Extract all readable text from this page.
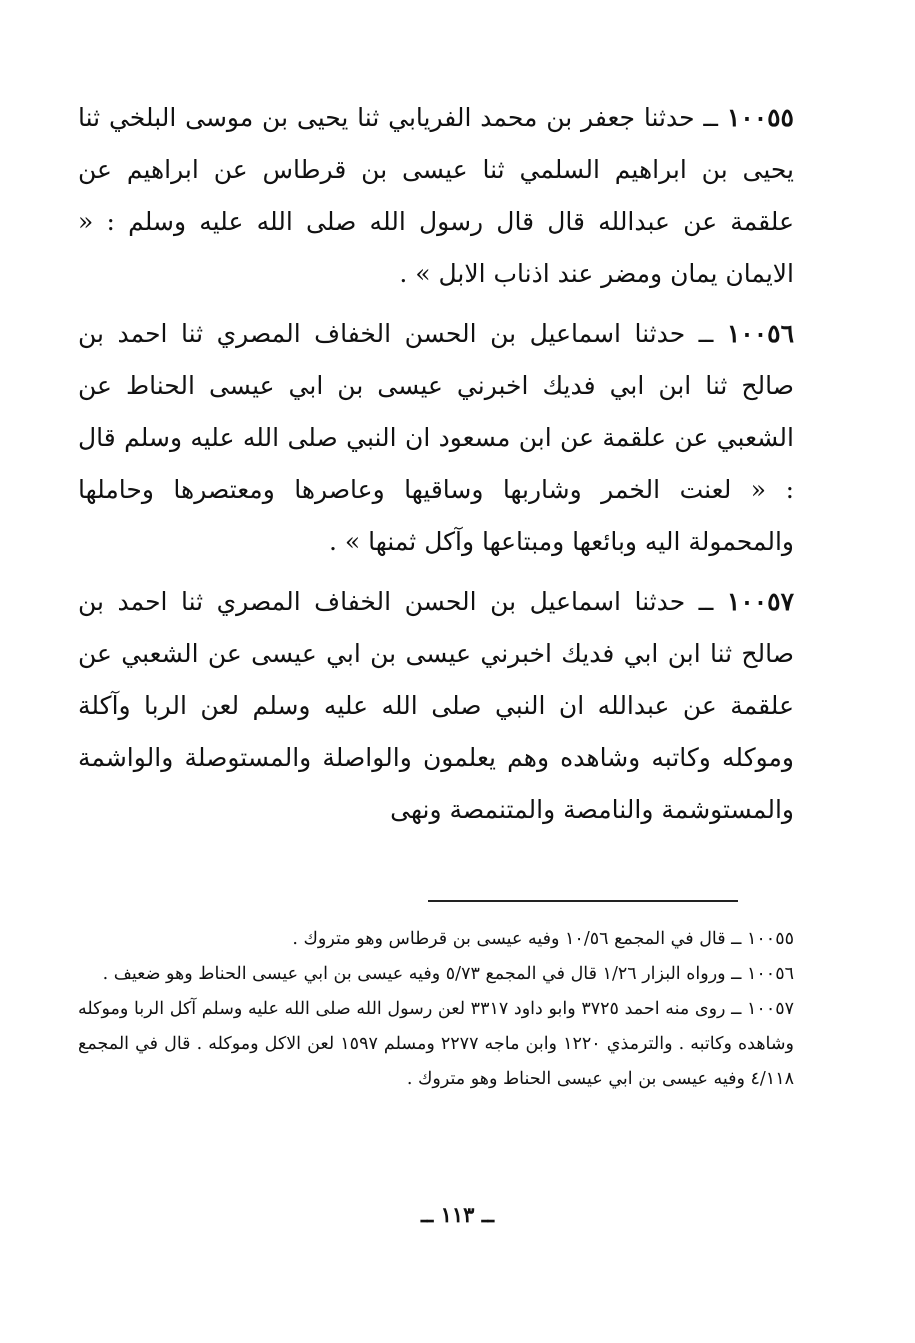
١٠٠٥٥ ــ حدثنا جعفر بن محمد الفريابي ثنا يحيى بن موسى البلخي ثنا يحيى بن ابراهيم السلمي ثنا عيسى بن قرطاس عن ابراهيم عن علقمة عن عبدالله قال قال رسول الله صلى الله عليه وسلم : « الايمان يمان ومضر عند اذناب الابل » .

١٠٠٥٦ ــ حدثنا اسماعيل بن الحسن الخفاف المصري ثنا احمد بن صالح ثنا ابن ابي فديك اخبرني عيسى بن ابي عيسى الحناط عن الشعبي عن علقمة عن ابن مسعود ان النبي صلى الله عليه وسلم قال : « لعنت الخمر وشاربها وساقيها وعاصرها ومعتصرها وحاملها والمحمولة اليه وبائعها ومبتاعها وآكل ثمنها » .

١٠٠٥٧ ــ حدثنا اسماعيل بن الحسن الخفاف المصري ثنا احمد بن صالح ثنا ابن ابي فديك اخبرني عيسى بن ابي عيسى عن الشعبي عن علقمة عن عبدالله ان النبي صلى الله عليه وسلم لعن الربا وآكلة وموكله وكاتبه وشاهده وهم يعلمون والواصلة والمستوصلة والواشمة والمستوشمة والنامصة والمتنمصة ونهى

١٠٠٥٥ ــ قال في المجمع ١٠/٥٦ وفيه عيسى بن قرطاس وهو متروك .

١٠٠٥٦ ــ ورواه البزار ١/٢٦ قال في المجمع ٥/٧٣ وفيه عيسى بن ابي عيسى الحناط وهو ضعيف .

١٠٠٥٧ ــ روى منه احمد ٣٧٢٥ وابو داود ٣٣١٧ لعن رسول الله صلى الله عليه وسلم آكل الربا وموكله وشاهده وكاتبه . والترمذي ١٢٢٠ وابن ماجه ٢٢٧٧ ومسلم ١٥٩٧ لعن الاكل وموكله . قال في المجمع ٤/١١٨ وفيه عيسى بن ابي عيسى الحناط وهو متروك .

ــ ١١٣ ــ
